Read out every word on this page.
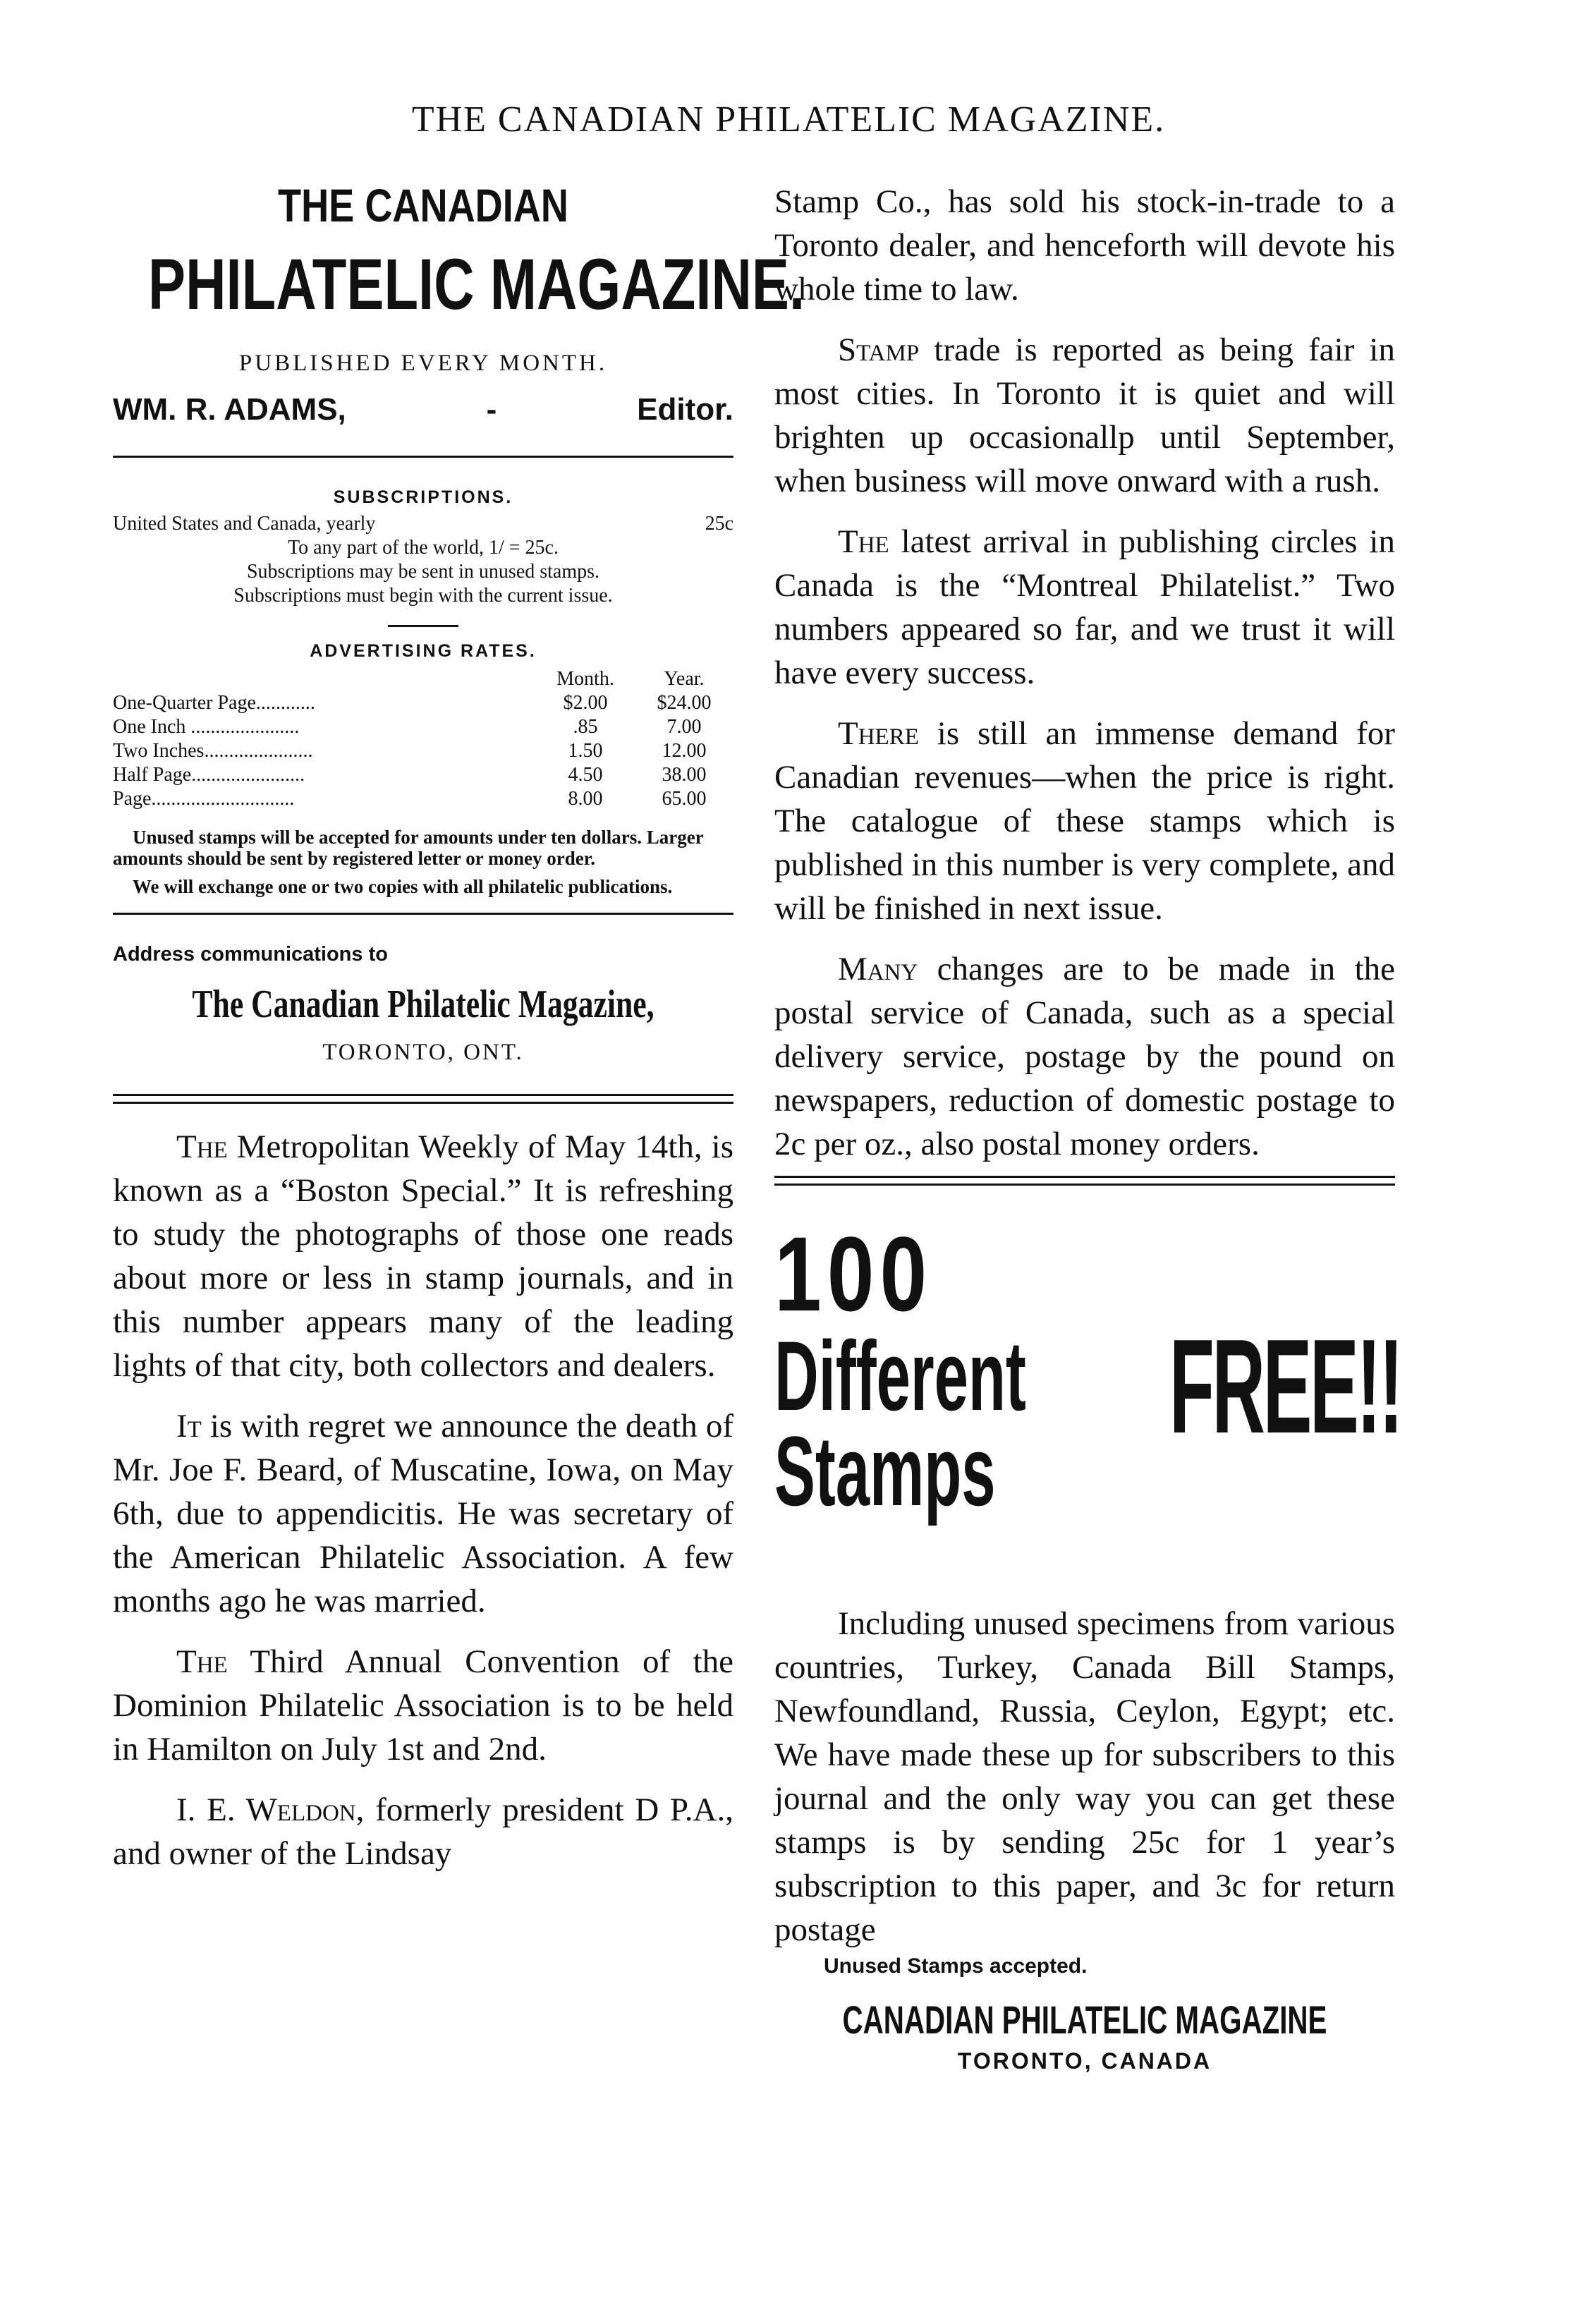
THE CANADIAN PHILATELIC MAGAZINE.
THE CANADIAN
PHILATELIC MAGAZINE.
PUBLISHED EVERY MONTH.
WM. R. ADAMS,	-	Editor.
SUBSCRIPTIONS.
United States and Canada, yearly	25c
To any part of the world, 1/ = 25c.
Subscriptions may be sent in unused stamps.
Subscriptions must begin with the current issue.
ADVERTISING RATES.
	Month.	Year.
One-Quarter Page............	$2.00	$24.00
One Inch ......................	.85	7.00
Two Inches......................	1.50	12.00
Half Page.......................	4.50	38.00
Page.............................	8.00	65.00
Unused stamps will be accepted for amounts under ten dollars. Larger amounts should be sent by registered letter or money order.
We will exchange one or two copies with all philatelic publications.
Address communications to
The Canadian Philatelic Magazine,
TORONTO, ONT.

The Metropolitan Weekly of May 14th, is known as a “Boston Special.” It is refreshing to study the photographs of those one reads about more or less in stamp journals, and in this number appears many of the leading lights of that city, both collectors and dealers.

It is with regret we announce the death of Mr. Joe F. Beard, of Muscatine, Iowa, on May 6th, due to appendicitis. He was secretary of the American Philatelic Association. A few months ago he was married.

The Third Annual Convention of the Dominion Philatelic Association is to be held in Hamilton on July 1st and 2nd.

I. E. Weldon, formerly president D P.A., and owner of the Lindsay

Stamp Co., has sold his stock-in-trade to a Toronto dealer, and henceforth will devote his whole time to law.

Stamp trade is reported as being fair in most cities. In Toronto it is quiet and will brighten up occasionallp until September, when business will move onward with a rush.

The latest arrival in publishing circles in Canada is the “Montreal Philatelist.” Two numbers appeared so far, and we trust it will have every success.

There is still an immense demand for Canadian revenues—when the price is right. The catalogue of these stamps which is published in this number is very complete, and will be finished in next issue.

Many changes are to be made in the postal service of Canada, such as a special delivery service, postage by the pound on newspapers, reduction of domestic postage to 2c per oz., also postal money orders.

100
Different
Stamps
FREE!!

Including unused specimens from various countries, Turkey, Canada Bill Stamps, Newfoundland, Russia, Ceylon, Egypt; etc. We have made these up for subscribers to this journal and the only way you can get these stamps is by sending 25c for 1 year’s subscription to this paper, and 3c for return postage

Unused Stamps accepted.
CANADIAN PHILATELIC MAGAZINE
TORONTO, CANADA
